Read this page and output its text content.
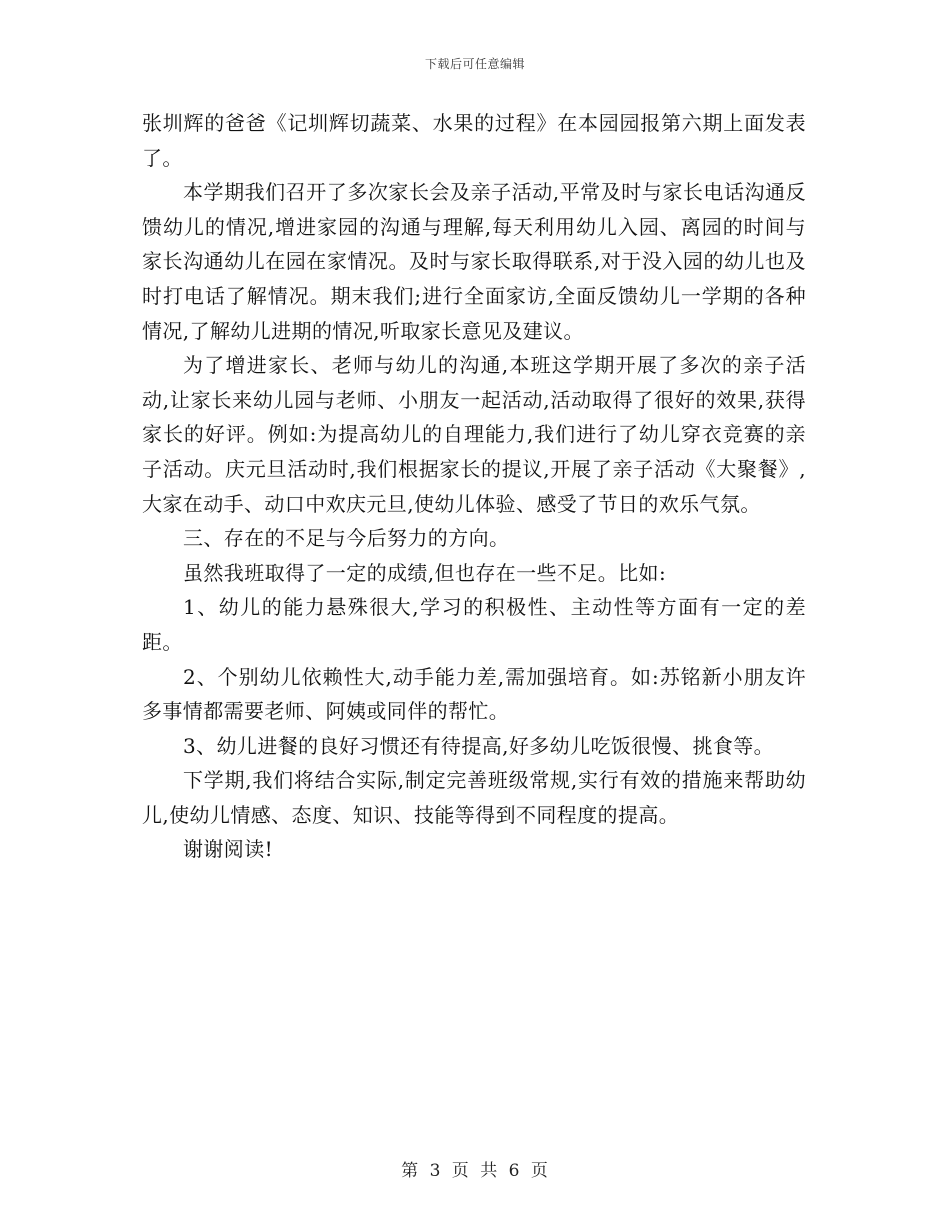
下载后可任意编辑

张圳辉的爸爸《记圳辉切蔬菜、水果的过程》在本园园报第六期上面发表了。

本学期我们召开了多次家长会及亲子活动,平常及时与家长电话沟通反馈幼儿的情况,增进家园的沟通与理解,每天利用幼儿入园、离园的时间与家长沟通幼儿在园在家情况。及时与家长取得联系,对于没入园的幼儿也及时打电话了解情况。期末我们;进行全面家访,全面反馈幼儿一学期的各种情况,了解幼儿进期的情况,听取家长意见及建议。

为了增进家长、老师与幼儿的沟通,本班这学期开展了多次的亲子活动,让家长来幼儿园与老师、小朋友一起活动,活动取得了很好的效果,获得家长的好评。例如:为提高幼儿的自理能力,我们进行了幼儿穿衣竞赛的亲子活动。庆元旦活动时,我们根据家长的提议,开展了亲子活动《大聚餐》,大家在动手、动口中欢庆元旦,使幼儿体验、感受了节日的欢乐气氛。

三、存在的不足与今后努力的方向。

虽然我班取得了一定的成绩,但也存在一些不足。比如:

1、幼儿的能力悬殊很大,学习的积极性、主动性等方面有一定的差距。

2、个别幼儿依赖性大,动手能力差,需加强培育。如:苏铭新小朋友许多事情都需要老师、阿姨或同伴的帮忙。

3、幼儿进餐的良好习惯还有待提高,好多幼儿吃饭很慢、挑食等。

下学期,我们将结合实际,制定完善班级常规,实行有效的措施来帮助幼儿,使幼儿情感、态度、知识、技能等得到不同程度的提高。

谢谢阅读!

第 3 页 共 6 页
